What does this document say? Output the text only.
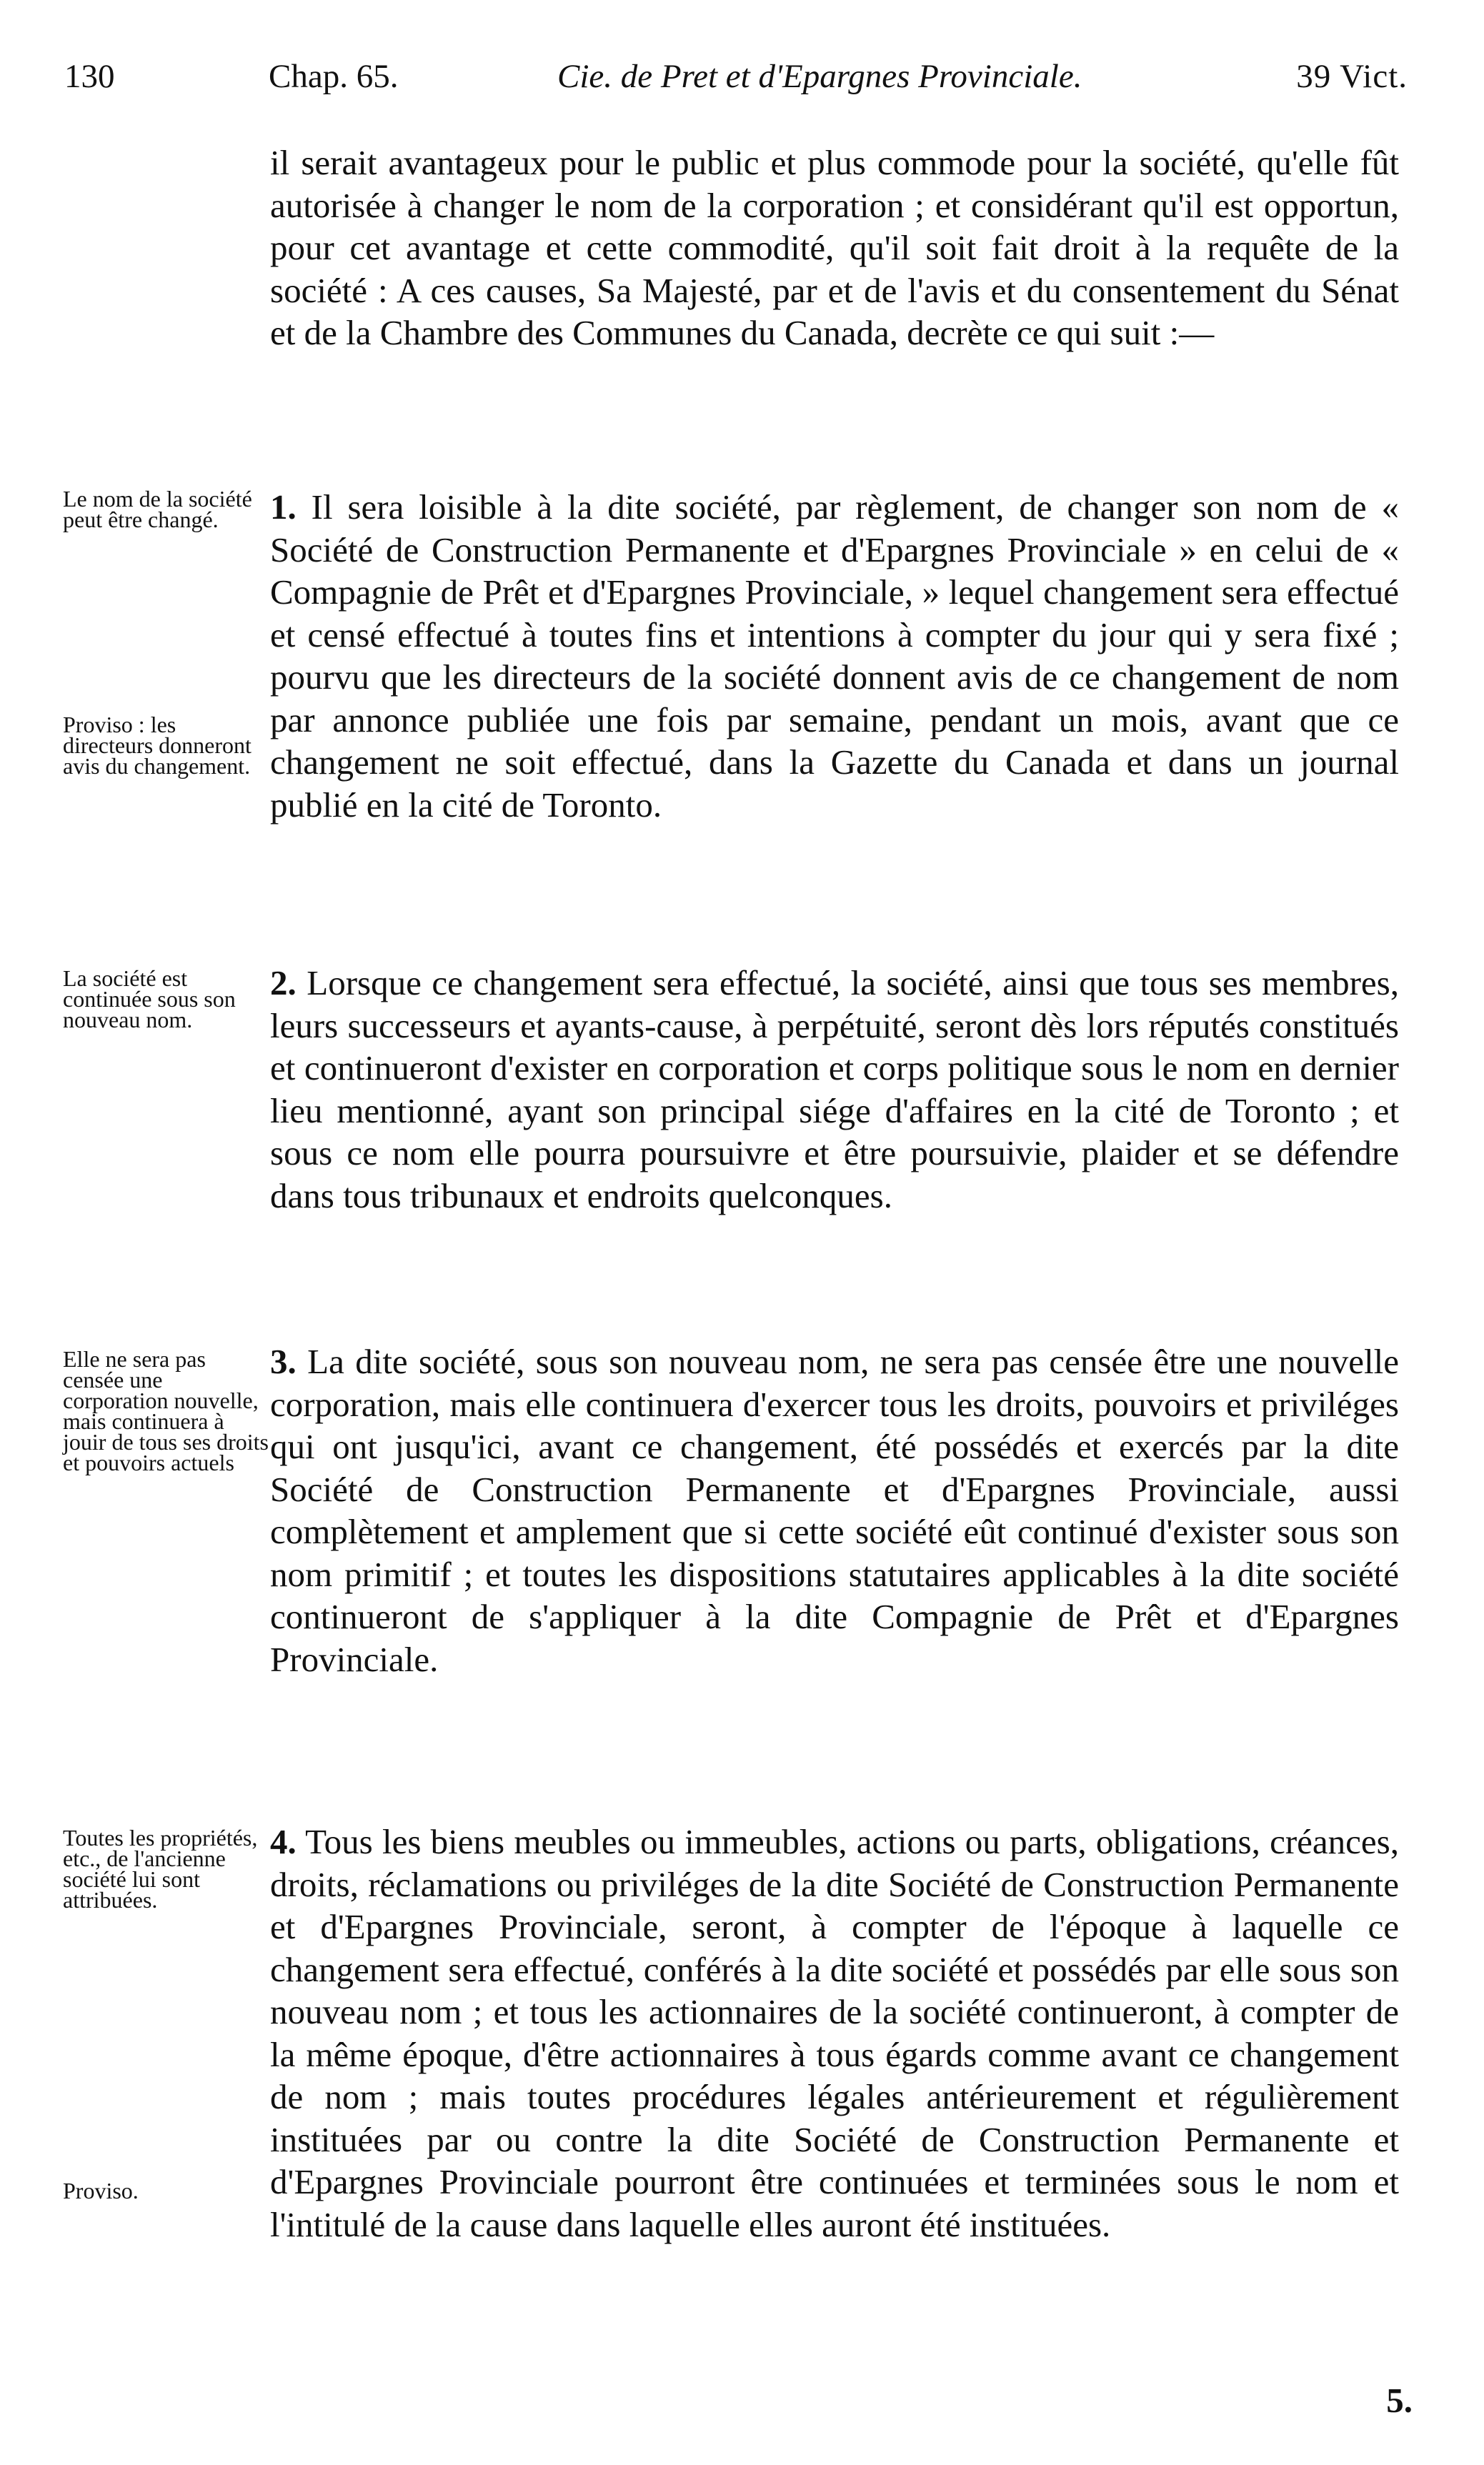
130	Chap. 65.	Cie. de Pret et d'Epargnes Provinciale.	39 Vict.

il serait avantageux pour le public et plus commode pour la société, qu'elle fût autorisée à changer le nom de la corporation ; et considérant qu'il est opportun, pour cet avantage et cette commodité, qu'il soit fait droit à la requête de la société : A ces causes, Sa Majesté, par et de l'avis et du consentement du Sénat et de la Chambre des Communes du Canada, decrète ce qui suit :—

Le nom de la société peut être changé.	1. Il sera loisible à la dite société, par règlement, de changer son nom de « Société de Construction Permanente et d'Epargnes Provinciale » en celui de « Compagnie de Prêt et d'Epargnes Provinciale, » lequel changement sera effectué et censé effectué à toutes fins et intentions à compter du jour qui y sera fixé ; pourvu que les directeurs de la société donnent avis de ce changement de nom par annonce publiée une fois par semaine, pendant un mois, avant que ce changement ne soit effectué, dans la Gazette du Canada et dans un journal publié en la cité de Toronto.

Proviso : les directeurs donneront avis du changement.

La société est continuée sous son nouveau nom.

2. Lorsque ce changement sera effectué, la société, ainsi que tous ses membres, leurs successeurs et ayants-cause, à perpétuité, seront dès lors réputés constitués et continueront d'exister en corporation et corps politique sous le nom en dernier lieu mentionné, ayant son principal siége d'affaires en la cité de Toronto ; et sous ce nom elle pourra poursuivre et être poursuivie, plaider et se défendre dans tous tribunaux et endroits quelconques.

Elle ne sera pas censée une corporation nouvelle, mais continuera à jouir de tous ses droits et pouvoirs actuels

3. La dite société, sous son nouveau nom, ne sera pas censée être une nouvelle corporation, mais elle continuera d'exercer tous les droits, pouvoirs et priviléges qui ont jusqu'ici, avant ce changement, été possédés et exercés par la dite Société de Construction Permanente et d'Epargnes Provinciale, aussi complètement et amplement que si cette société eût continué d'exister sous son nom primitif ; et toutes les dispositions statutaires applicables à la dite société continueront de s'appliquer à la dite Compagnie de Prêt et d'Epargnes Provinciale.

Toutes les propriétés, etc., de l'ancienne société lui sont attribuées.

4. Tous les biens meubles ou immeubles, actions ou parts, obligations, créances, droits, réclamations ou priviléges de la dite Société de Construction Permanente et d'Epargnes Provinciale, seront, à compter de l'époque à laquelle ce changement sera effectué, conférés à la dite société et possédés par elle sous son nouveau nom ; et tous les actionnaires de la société continueront, à compter de la même époque, d'être actionnaires à tous égards comme avant ce changement de nom ; mais toutes procédures légales antérieurement et régulièrement instituées par ou contre la dite Société de Construction Permanente et d'Epargnes Provinciale pourront être continuées et terminées sous le nom et l'intitulé de la cause dans laquelle elles auront été instituées.

Proviso.

5.
